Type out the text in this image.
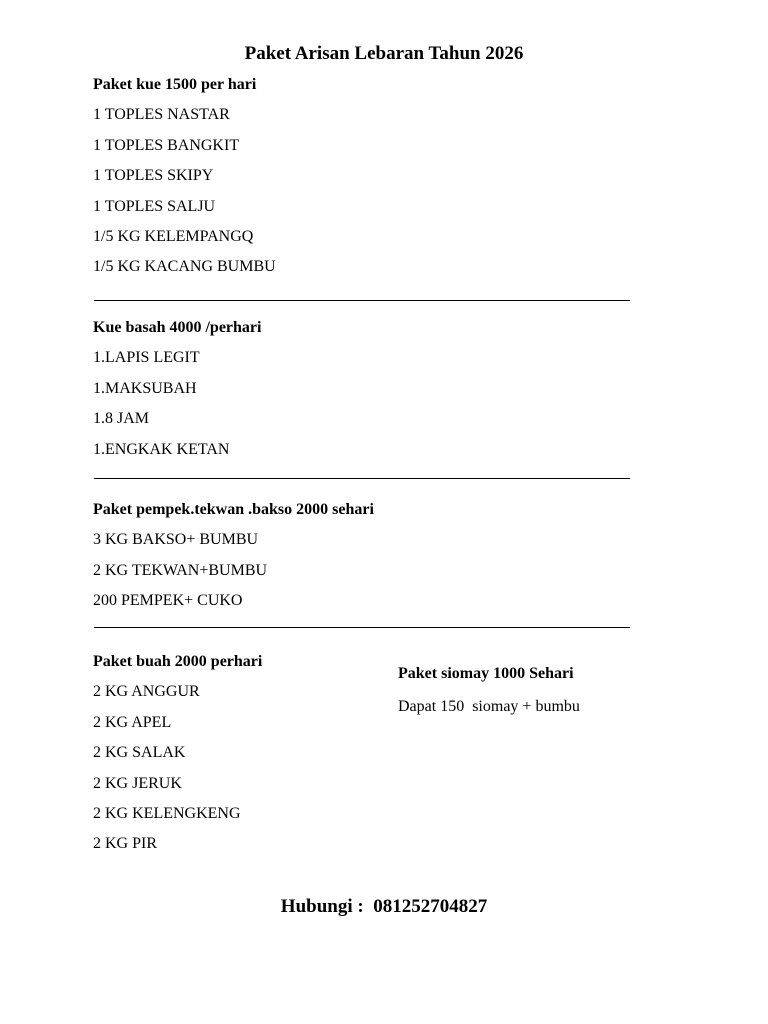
Paket Arisan Lebaran Tahun 2026
Paket kue 1500 per hari
1 TOPLES NASTAR
1 TOPLES BANGKIT
1 TOPLES SKIPY
1 TOPLES SALJU
1/5 KG KELEMPANGQ
1/5 KG KACANG BUMBU
Kue basah 4000 /perhari
1.LAPIS LEGIT
1.MAKSUBAH
1.8 JAM
1.ENGKAK KETAN
Paket pempek.tekwan .bakso 2000 sehari
3 KG BAKSO+ BUMBU
2 KG TEKWAN+BUMBU
200 PEMPEK+ CUKO
Paket buah 2000 perhari
2 KG ANGGUR
2 KG APEL
2 KG SALAK
2 KG JERUK
2 KG KELENGKENG
2 KG PIR
Paket siomay 1000 Sehari
Dapat 150  siomay + bumbu
Hubungi :  081252704827
